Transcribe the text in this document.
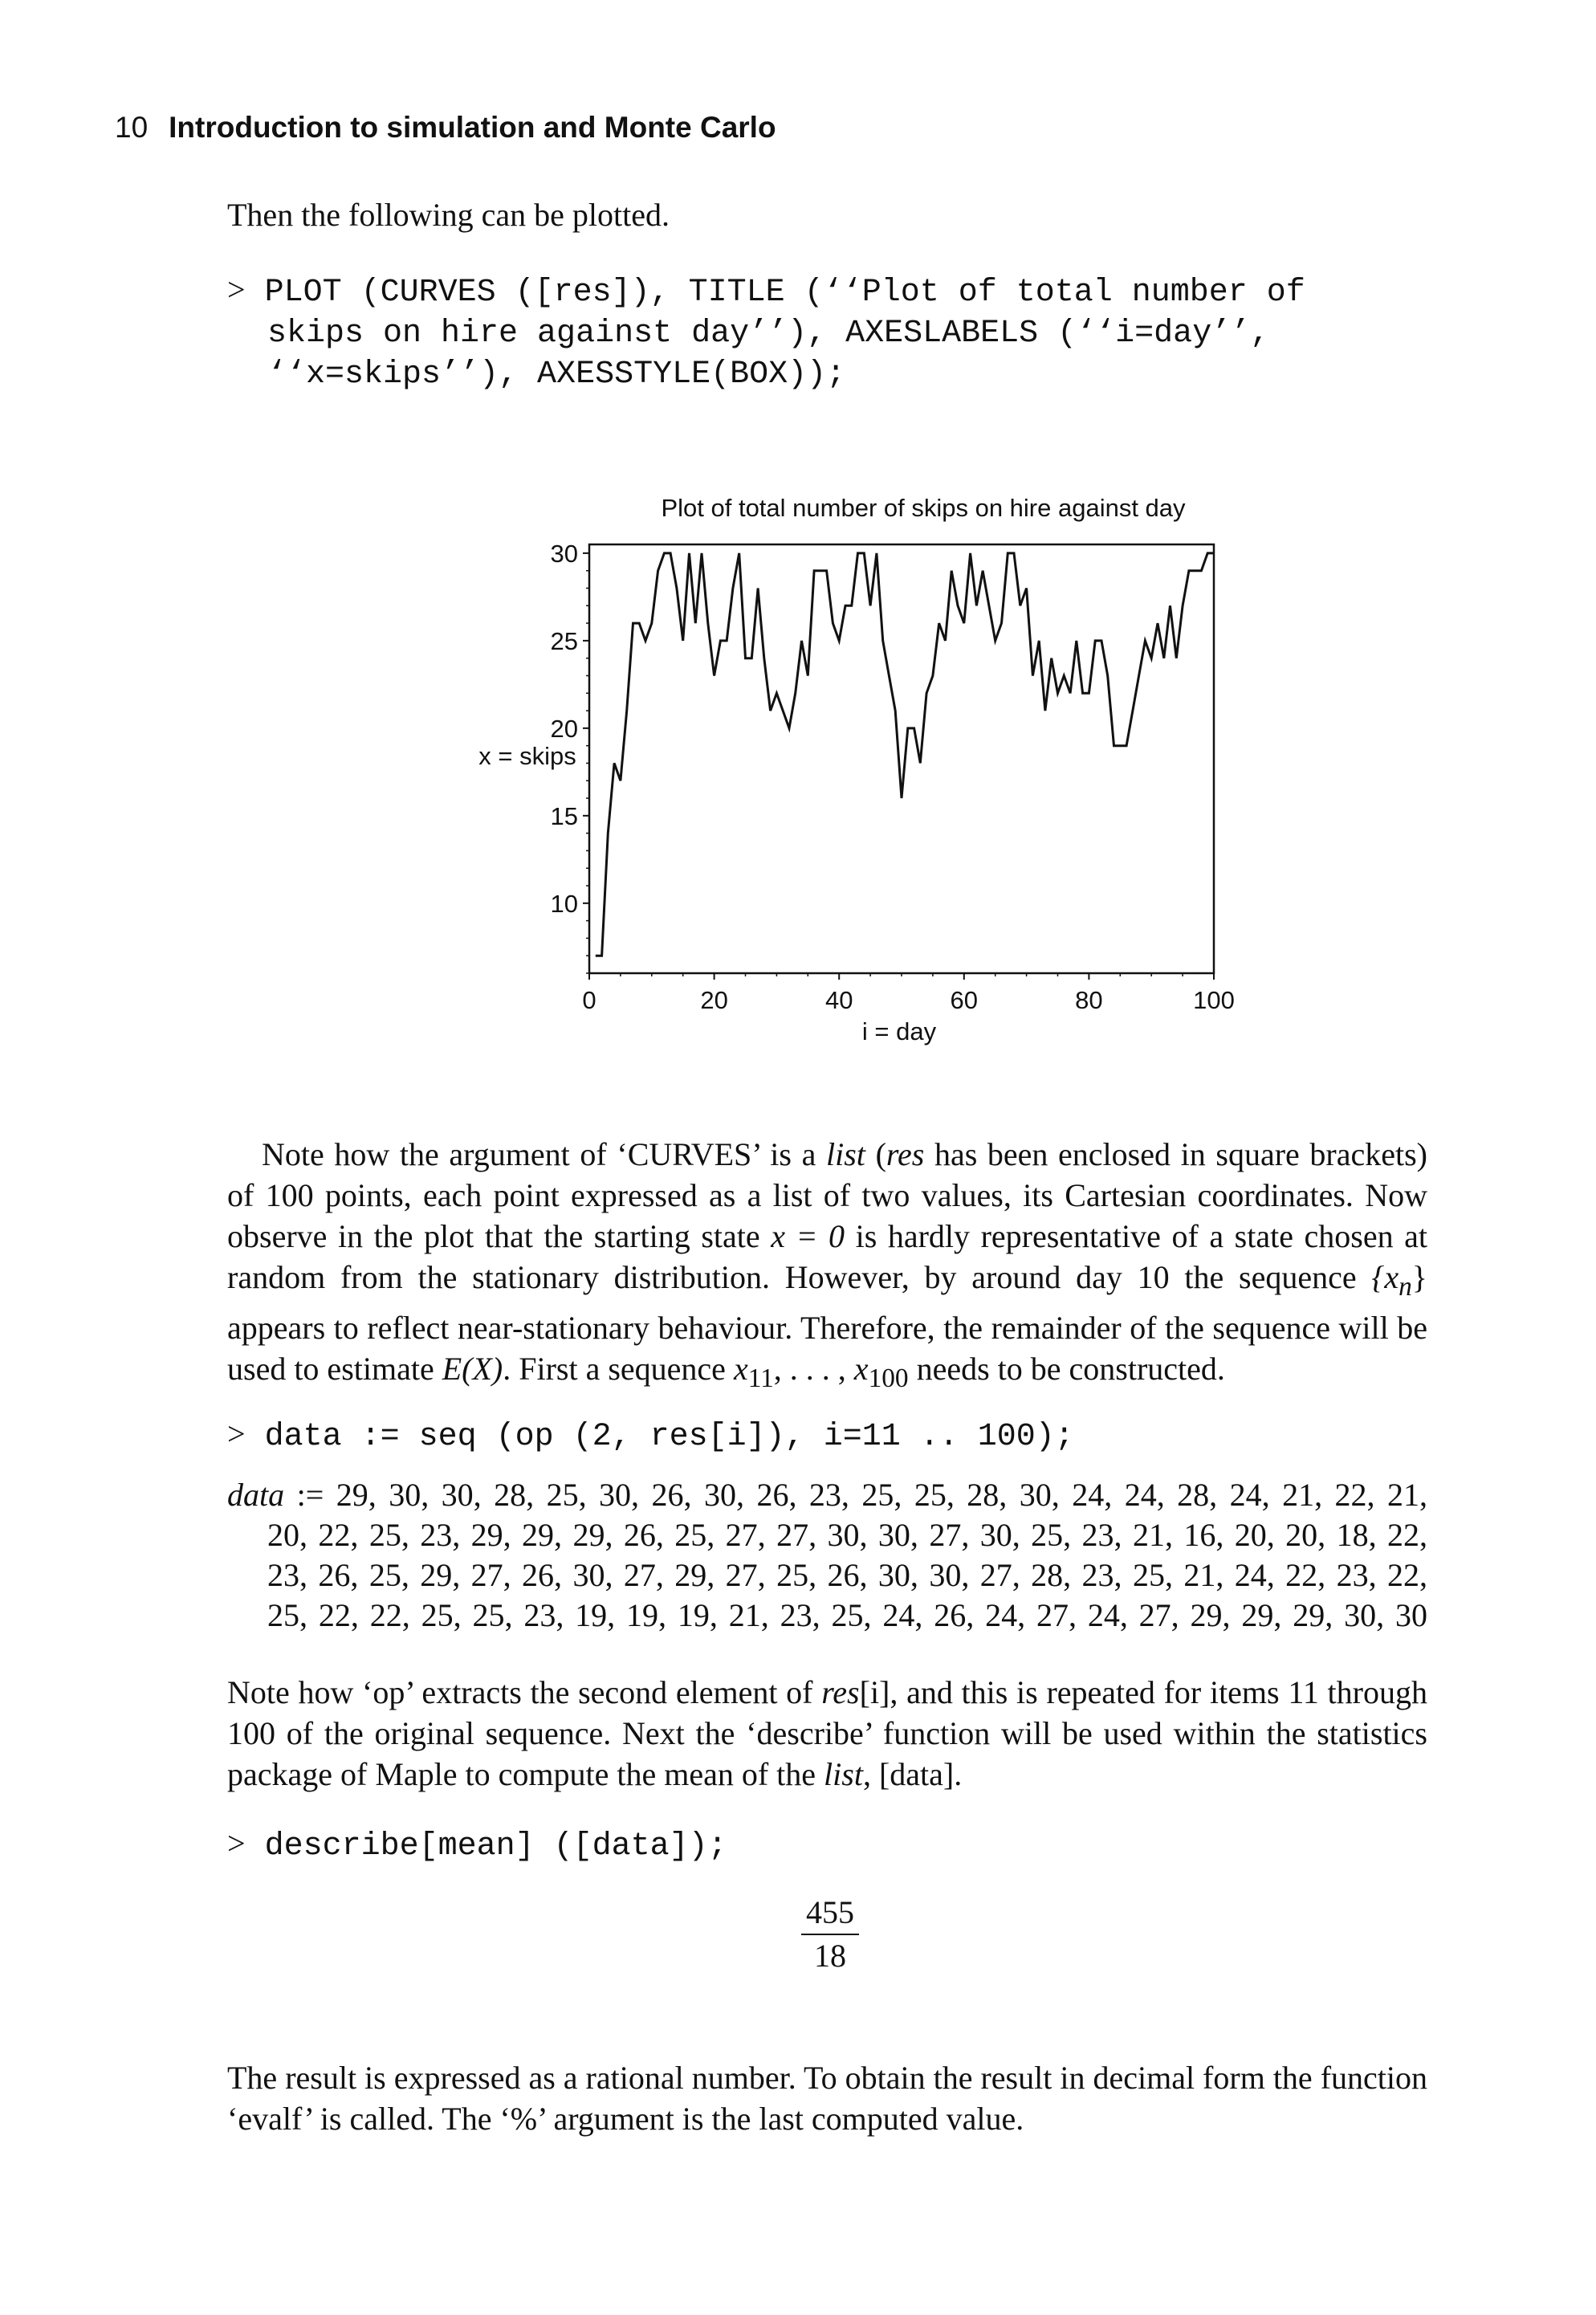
10 Introduction to simulation and Monte Carlo
Then the following can be plotted.
> PLOT (CURVES ([res]), TITLE (‘‘Plot of total number of
skips on hire against day’’), AXESLABELS (‘‘i=day’’,
‘‘x=skips’’), AXESSTYLE(BOX));
Plot of total number of skips on hire against day
10
15
20
25
30
0	20	40	60	80	100
x = skips
i = day

Note how the argument of ‘CURVES’ is a list (res has been enclosed in square brackets) of 100 points, each point expressed as a list of two values, its Cartesian coordinates. Now observe in the plot that the starting state x = 0 is hardly representative of a state chosen at random from the stationary distribution. However, by around day 10 the sequence $\{x_n\}$ appears to reflect near-stationary behaviour. Therefore, the remainder of the sequence will be used to estimate E(X). First a sequence $x_{11}$, . . . , $x_{100}$ needs to be constructed.

> data := seq (op (2, res[i]), i=11 .. 100);
data := 29, 30, 30, 28, 25, 30, 26, 30, 26, 23, 25, 25, 28, 30, 24, 24, 28, 24, 21, 22, 21,
20, 22, 25, 23, 29, 29, 29, 26, 25, 27, 27, 30, 30, 27, 30, 25, 23, 21, 16, 20, 20, 18, 22,
23, 26, 25, 29, 27, 26, 30, 27, 29, 27, 25, 26, 30, 30, 27, 28, 23, 25, 21, 24, 22, 23, 22,
25, 22, 22, 25, 25, 23, 19, 19, 19, 21, 23, 25, 24, 26, 24, 27, 24, 27, 29, 29, 29, 30, 30
Note how ‘op’ extracts the second element of res[i], and this is repeated for items 11 through 100 of the original sequence. Next the ‘describe’ function will be used within the statistics package of Maple to compute the mean of the list, [data].
> describe[mean] ([data]);
455
18
The result is expressed as a rational number. To obtain the result in decimal form the function ‘evalf’ is called. The ‘%’ argument is the last computed value.
